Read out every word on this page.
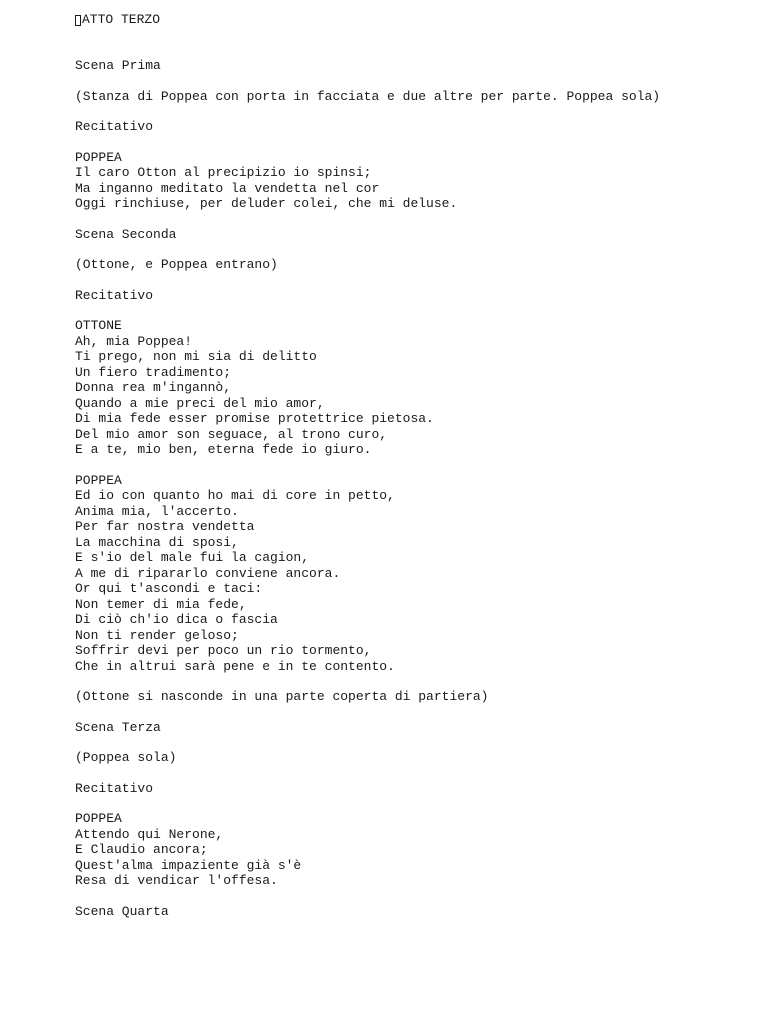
ATTO TERZO
Scena Prima
(Stanza di Poppea con porta in facciata e due altre per parte. Poppea sola)
Recitativo
POPPEA
Il caro Otton al precipizio io spinsi;
Ma inganno meditato la vendetta nel cor
Oggi rinchiuse, per deluder colei, che mi deluse.
Scena Seconda
(Ottone, e Poppea entrano)
Recitativo
OTTONE
Ah, mia Poppea!
Ti prego, non mi sia di delitto
Un fiero tradimento;
Donna rea m'ingannò,
Quando a mie preci del mio amor,
Di mia fede esser promise protettrice pietosa.
Del mio amor son seguace, al trono curo,
E a te, mio ben, eterna fede io giuro.
POPPEA
Ed io con quanto ho mai di core in petto,
Anima mia, l'accerto.
Per far nostra vendetta
La macchina di sposi,
E s'io del male fui la cagion,
A me di ripararlo conviene ancora.
Or qui t'ascondi e taci:
Non temer di mia fede,
Di ciò ch'io dica o fascia
Non ti render geloso;
Soffrir devi per poco un rio tormento,
Che in altrui sarà pene e in te contento.
(Ottone si nasconde in una parte coperta di partiera)
Scena Terza
(Poppea sola)
Recitativo
POPPEA
Attendo qui Nerone,
E Claudio ancora;
Quest'alma impaziente già s'è
Resa di vendicar l'offesa.
Scena Quarta
